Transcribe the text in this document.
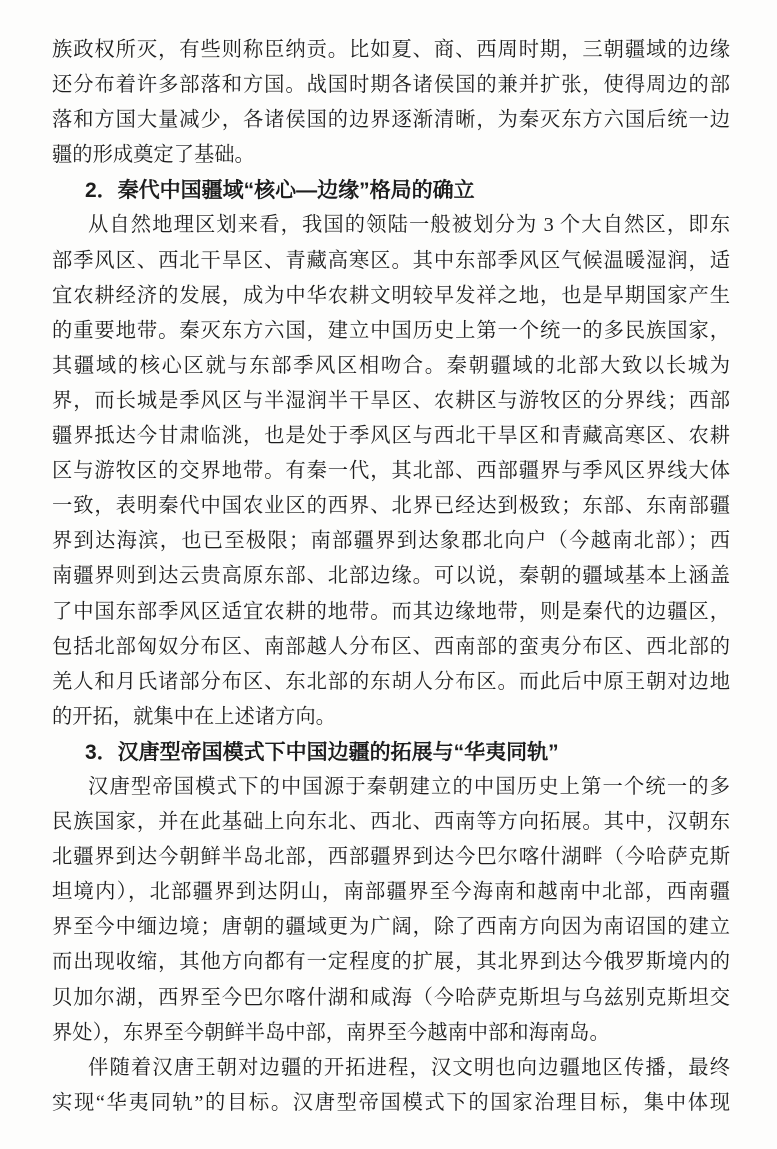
族政权所灭，有些则称臣纳贡。比如夏、商、西周时期，三朝疆域的边缘
还分布着许多部落和方国。战国时期各诸侯国的兼并扩张，使得周边的部
落和方国大量减少，各诸侯国的边界逐渐清晰，为秦灭东方六国后统一边
疆的形成奠定了基础。
2．秦代中国疆域“核心—边缘”格局的确立
从自然地理区划来看，我国的领陆一般被划分为 3 个大自然区，即东
部季风区、西北干旱区、青藏高寒区。其中东部季风区气候温暖湿润，适
宜农耕经济的发展，成为中华农耕文明较早发祥之地，也是早期国家产生
的重要地带。秦灭东方六国，建立中国历史上第一个统一的多民族国家，
其疆域的核心区就与东部季风区相吻合。秦朝疆域的北部大致以长城为
界，而长城是季风区与半湿润半干旱区、农耕区与游牧区的分界线；西部
疆界抵达今甘肃临洮，也是处于季风区与西北干旱区和青藏高寒区、农耕
区与游牧区的交界地带。有秦一代，其北部、西部疆界与季风区界线大体
一致，表明秦代中国农业区的西界、北界已经达到极致；东部、东南部疆
界到达海滨，也已至极限；南部疆界到达象郡北向户（今越南北部）；西
南疆界则到达云贵高原东部、北部边缘。可以说，秦朝的疆域基本上涵盖
了中国东部季风区适宜农耕的地带。而其边缘地带，则是秦代的边疆区，
包括北部匈奴分布区、南部越人分布区、西南部的蛮夷分布区、西北部的
羌人和月氏诸部分布区、东北部的东胡人分布区。而此后中原王朝对边地
的开拓，就集中在上述诸方向。
3．汉唐型帝国模式下中国边疆的拓展与“华夷同轨”
汉唐型帝国模式下的中国源于秦朝建立的中国历史上第一个统一的多
民族国家，并在此基础上向东北、西北、西南等方向拓展。其中，汉朝东
北疆界到达今朝鲜半岛北部，西部疆界到达今巴尔喀什湖畔（今哈萨克斯
坦境内），北部疆界到达阴山，南部疆界至今海南和越南中北部，西南疆
界至今中缅边境；唐朝的疆域更为广阔，除了西南方向因为南诏国的建立
而出现收缩，其他方向都有一定程度的扩展，其北界到达今俄罗斯境内的
贝加尔湖，西界至今巴尔喀什湖和咸海（今哈萨克斯坦与乌兹别克斯坦交
界处），东界至今朝鲜半岛中部，南界至今越南中部和海南岛。
伴随着汉唐王朝对边疆的开拓进程，汉文明也向边疆地区传播，最终
实现“华夷同轨”的目标。汉唐型帝国模式下的国家治理目标，集中体现
